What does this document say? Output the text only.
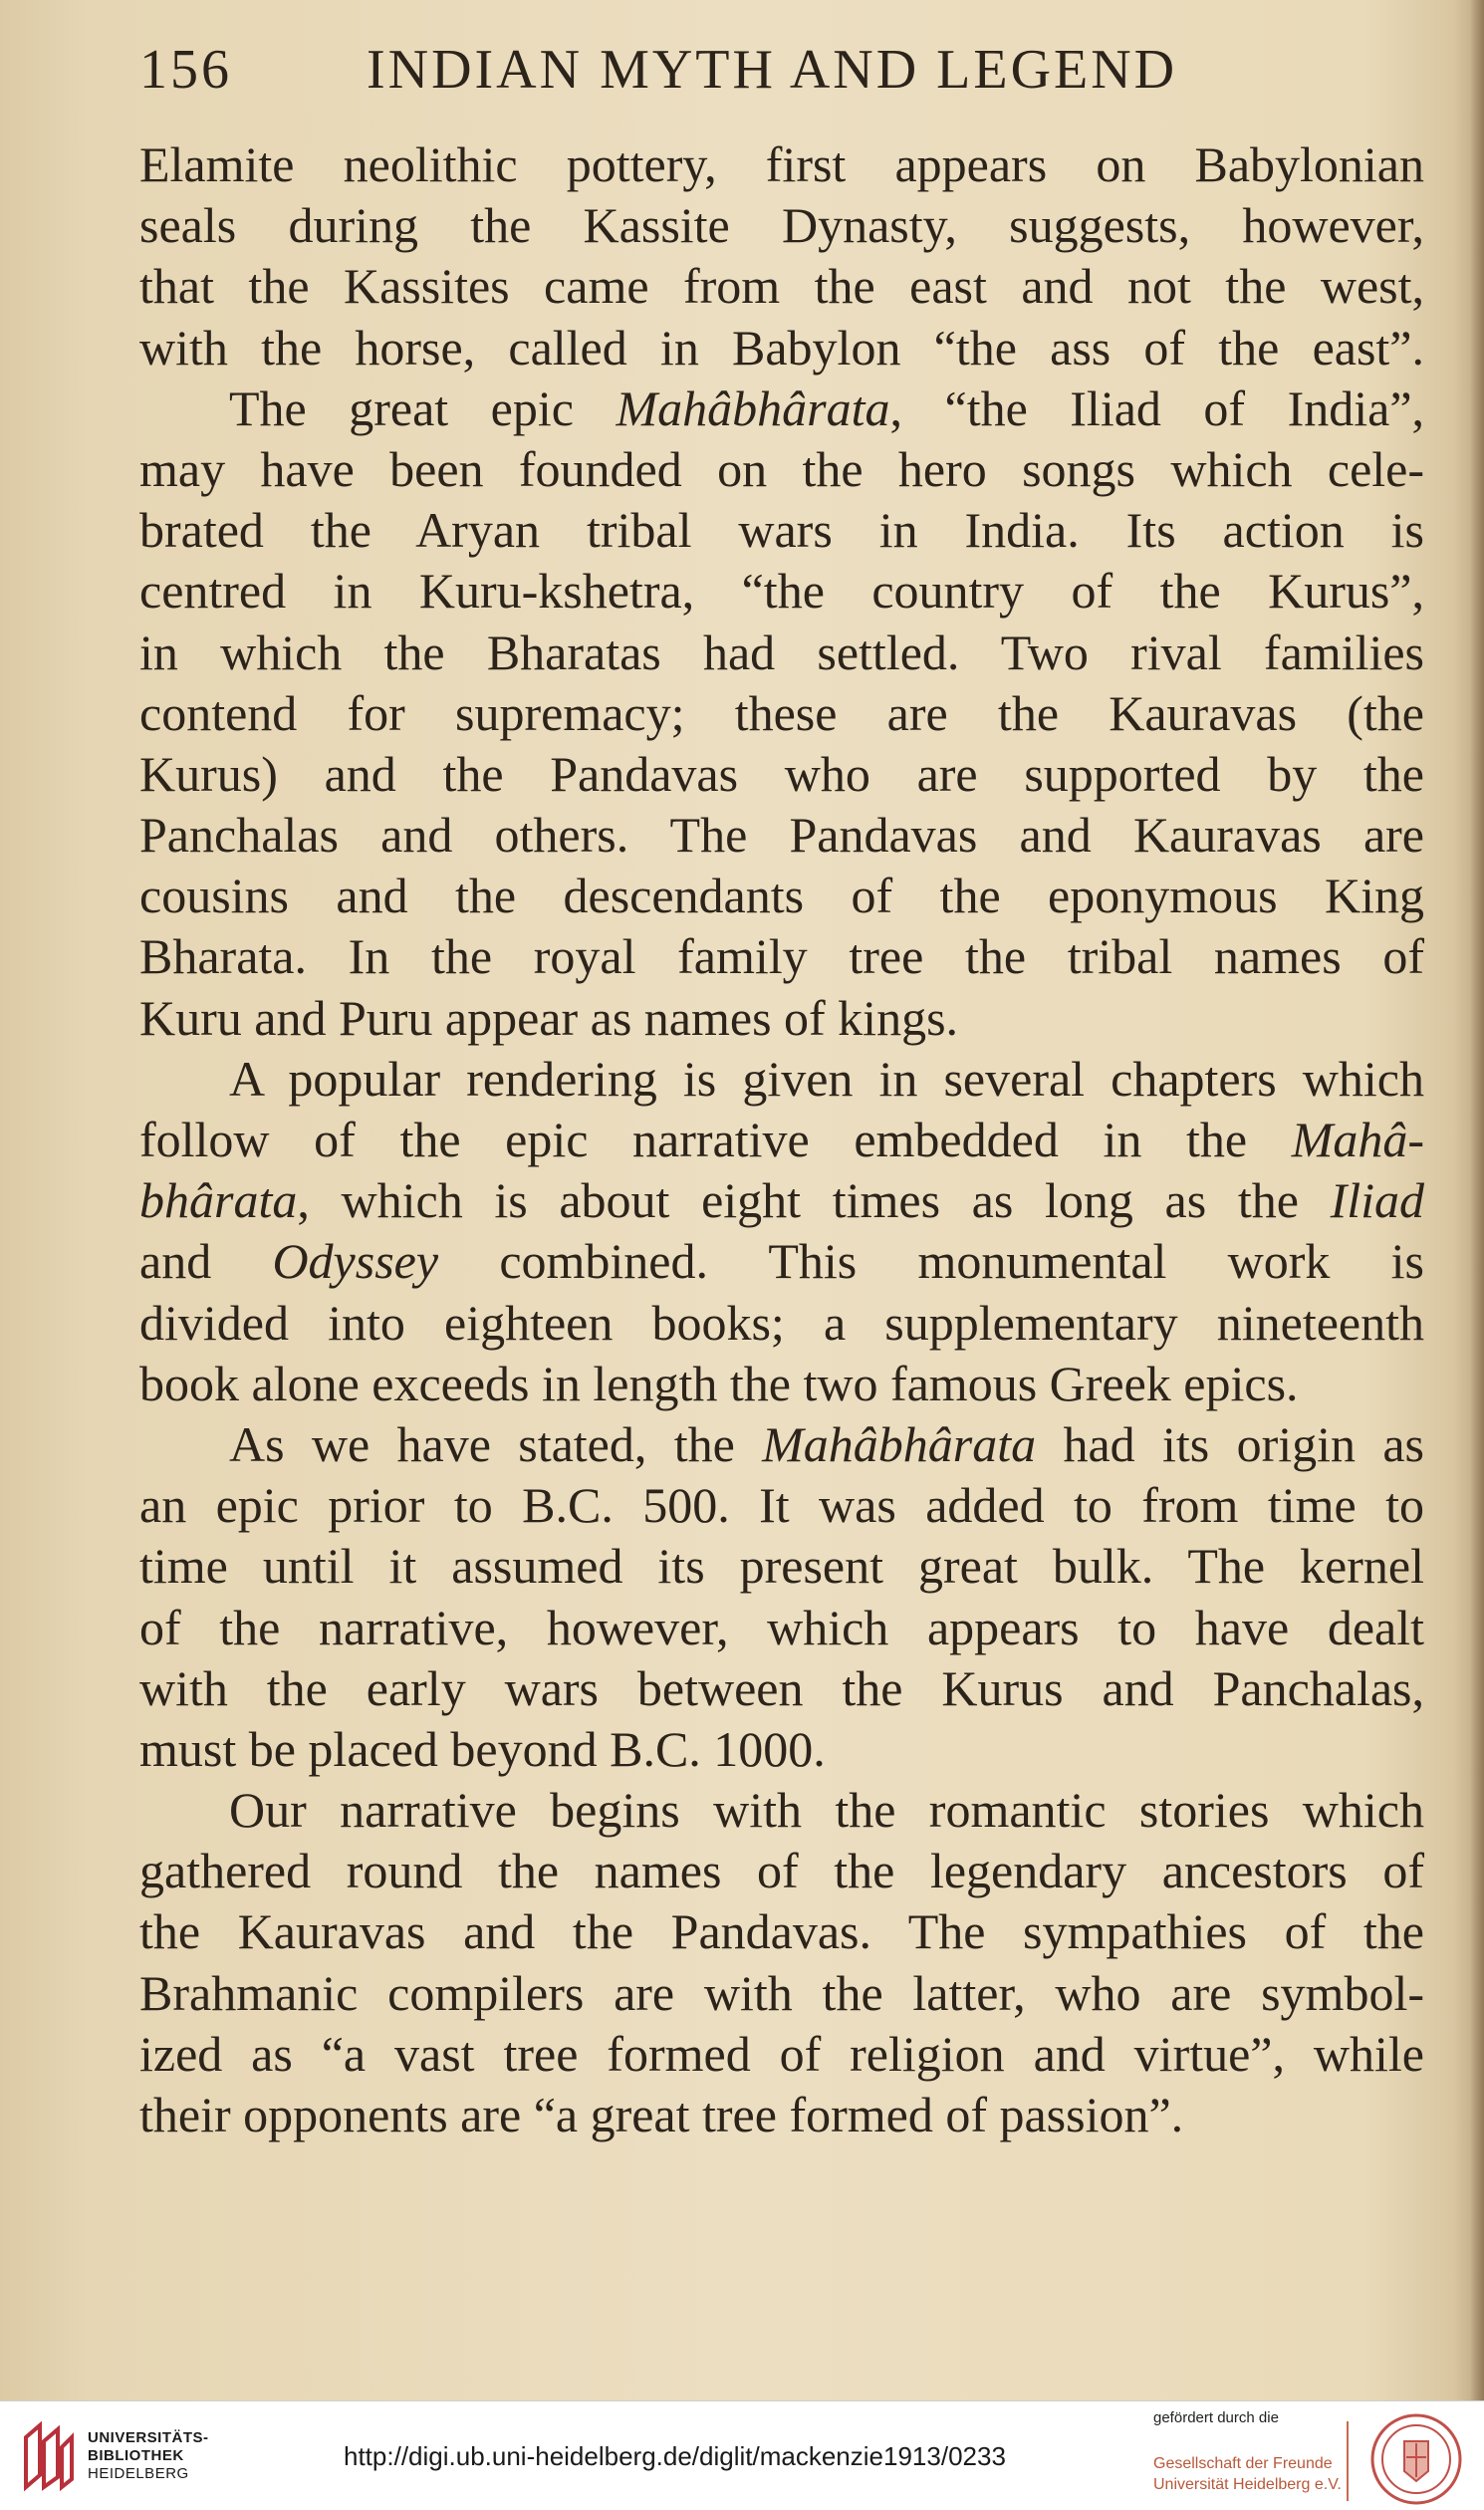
156 INDIAN MYTH AND LEGEND
Elamite neolithic pottery, first appears on Babylonian
seals during the Kassite Dynasty, suggests, however,
that the Kassites came from the east and not the west,
with the horse, called in Babylon “the ass of the east”.
The great epic Mahâbhârata, “the Iliad of India”,
may have been founded on the hero songs which cele-
brated the Aryan tribal wars in India. Its action is
centred in Kuru-kshetra, “the country of the Kurus”,
in which the Bharatas had settled. Two rival families
contend for supremacy; these are the Kauravas (the
Kurus) and the Pandavas who are supported by the
Panchalas and others. The Pandavas and Kauravas are
cousins and the descendants of the eponymous King
Bharata. In the royal family tree the tribal names of
Kuru and Puru appear as names of kings.
A popular rendering is given in several chapters which
follow of the epic narrative embedded in the Mahâ-
bhârata, which is about eight times as long as the Iliad
and Odyssey combined. This monumental work is
divided into eighteen books; a supplementary nineteenth
book alone exceeds in length the two famous Greek epics.
As we have stated, the Mahâbhârata had its origin as
an epic prior to B.C. 500. It was added to from time to
time until it assumed its present great bulk. The kernel
of the narrative, however, which appears to have dealt
with the early wars between the Kurus and Panchalas,
must be placed beyond B.C. 1000.
Our narrative begins with the romantic stories which
gathered round the names of the legendary ancestors of
the Kauravas and the Pandavas. The sympathies of the
Brahmanic compilers are with the latter, who are symbol-
ized as “a vast tree formed of religion and virtue”, while
their opponents are “a great tree formed of passion”.
UNIVERSITÄTS-
BIBLIOTHEK
HEIDELBERG
http://digi.ub.uni-heidelberg.de/diglit/mackenzie1913/0233
gefördert durch die
Gesellschaft der Freunde
Universität Heidelberg e.V.
